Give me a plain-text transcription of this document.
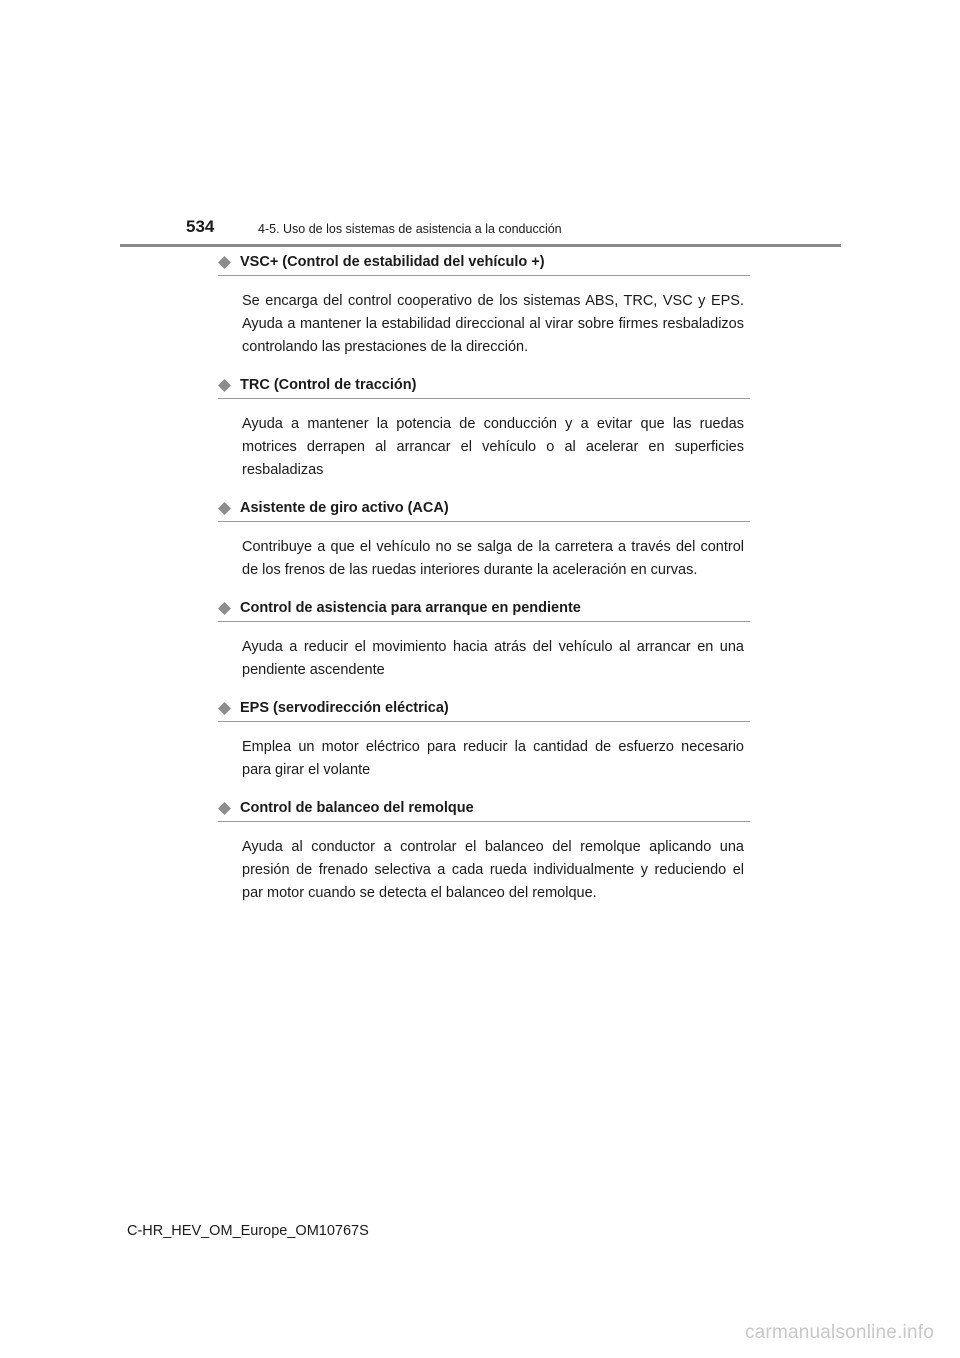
534	4-5. Uso de los sistemas de asistencia a la conducción
VSC+ (Control de estabilidad del vehículo +)

Se encarga del control cooperativo de los sistemas ABS, TRC, VSC y EPS. Ayuda a mantener la estabilidad direccional al virar sobre firmes resbaladizos controlando las prestaciones de la dirección.

TRC (Control de tracción)

Ayuda a mantener la potencia de conducción y a evitar que las ruedas motrices derrapen al arrancar el vehículo o al acelerar en superficies resbaladizas

Asistente de giro activo (ACA)

Contribuye a que el vehículo no se salga de la carretera a través del control de los frenos de las ruedas interiores durante la aceleración en curvas.

Control de asistencia para arranque en pendiente

Ayuda a reducir el movimiento hacia atrás del vehículo al arrancar en una pendiente ascendente

EPS (servodirección eléctrica)

Emplea un motor eléctrico para reducir la cantidad de esfuerzo necesario para girar el volante

Control de balanceo del remolque

Ayuda al conductor a controlar el balanceo del remolque aplicando una presión de frenado selectiva a cada rueda individualmente y reduciendo el par motor cuando se detecta el balanceo del remolque.

C-HR_HEV_OM_Europe_OM10767S
carmanualsonline.info
